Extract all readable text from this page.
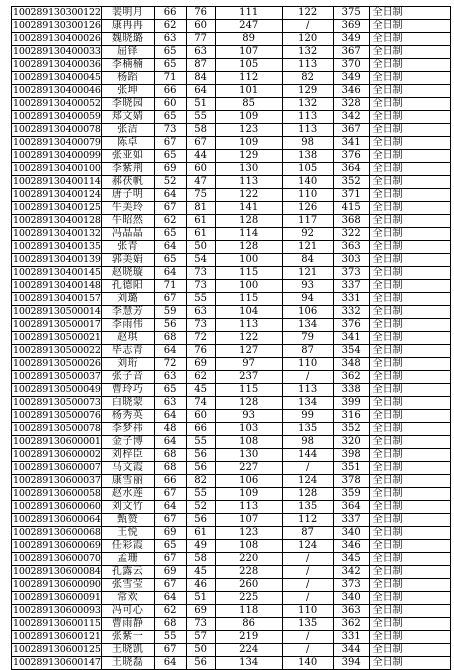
100289130300122	裴明月	66	76	111	122	375	全日制
100289130300126	康冉冉	62	60	247	/	369	全日制
100289130400026	魏晓璐	63	77	89	120	349	全日制
100289130400033	屈铎	65	63	107	132	367	全日制
100289130400036	李楠楠	65	87	105	113	370	全日制
100289130400045	杨蹈	71	84	112	82	349	全日制
100289130400046	张坤	66	64	101	129	346	全日制
100289130400052	李晓园	60	51	85	132	328	全日制
100289130400059	郑文婧	65	55	109	113	342	全日制
100289130400078	张洁	73	58	123	113	367	全日制
100289130400079	陈卓	67	67	109	98	341	全日制
100289130400099	张亚如	65	44	129	138	376	全日制
100289130400100	李紫荆	69	60	130	105	364	全日制
100289130400114	郝茯帆	52	47	113	140	352	全日制
100289130400124	唐子明	64	75	122	110	371	全日制
100289130400125	牛美玲	67	81	141	126	415	全日制
100289130400128	牛昭然	62	61	128	117	368	全日制
100289130400132	冯晶晶	65	61	114	92	322	全日制
100289130400135	张青	64	50	128	121	363	全日制
100289130400139	郭美娟	65	54	100	84	303	全日制
100289130400145	赵晓璇	64	73	115	121	373	全日制
100289130400148	孔德阳	71	73	100	93	337	全日制
100289130400157	刘璐	67	55	115	94	331	全日制
100289130500014	李慧芳	59	63	104	106	332	全日制
100289130500017	李雨伟	56	73	113	134	376	全日制
100289130500021	赵琪	68	72	122	79	341	全日制
100289130500022	毕志青	64	76	127	87	354	全日制
100289130500026	刘珩	72	69	97	110	348	全日制
100289130500037	张子音	63	62	237	/	362	全日制
100289130500049	曹玲巧	65	45	115	113	338	全日制
100289130500073	白晓蒙	63	74	128	134	399	全日制
100289130500076	杨秀英	64	60	93	99	316	全日制
100289130500078	李梦祎	48	66	103	135	352	全日制
100289130600001	金子博	64	55	108	98	320	全日制
100289130600002	刘梓臣	68	56	130	144	398	全日制
100289130600007	马文霞	68	56	227	/	351	全日制
100289130600037	康雪丽	66	82	106	124	378	全日制
100289130600058	赵水莲	67	55	109	128	359	全日制
100289130600060	刘文竹	64	52	113	135	364	全日制
100289130600064	甄赞	67	56	107	112	337	全日制
100289130600068	王悦	69	61	123	87	340	全日制
100289130600069	任彩霞	65	49	108	124	346	全日制
100289130600070	孟珊	67	58	220	/	345	全日制
100289130600084	孔露云	69	45	228	/	342	全日制
100289130600090	张雪莹	67	46	260	/	373	全日制
100289130600091	常欢	64	51	225	/	340	全日制
100289130600093	冯可心	62	69	118	110	363	全日制
100289130600115	曹雨静	68	73	86	135	362	全日制
100289130600121	张紫一	55	57	219	/	331	全日制
100289130600125	王晓凯	67	50	224	/	344	全日制
100289130600147	王晓磊	64	56	134	140	394	全日制
